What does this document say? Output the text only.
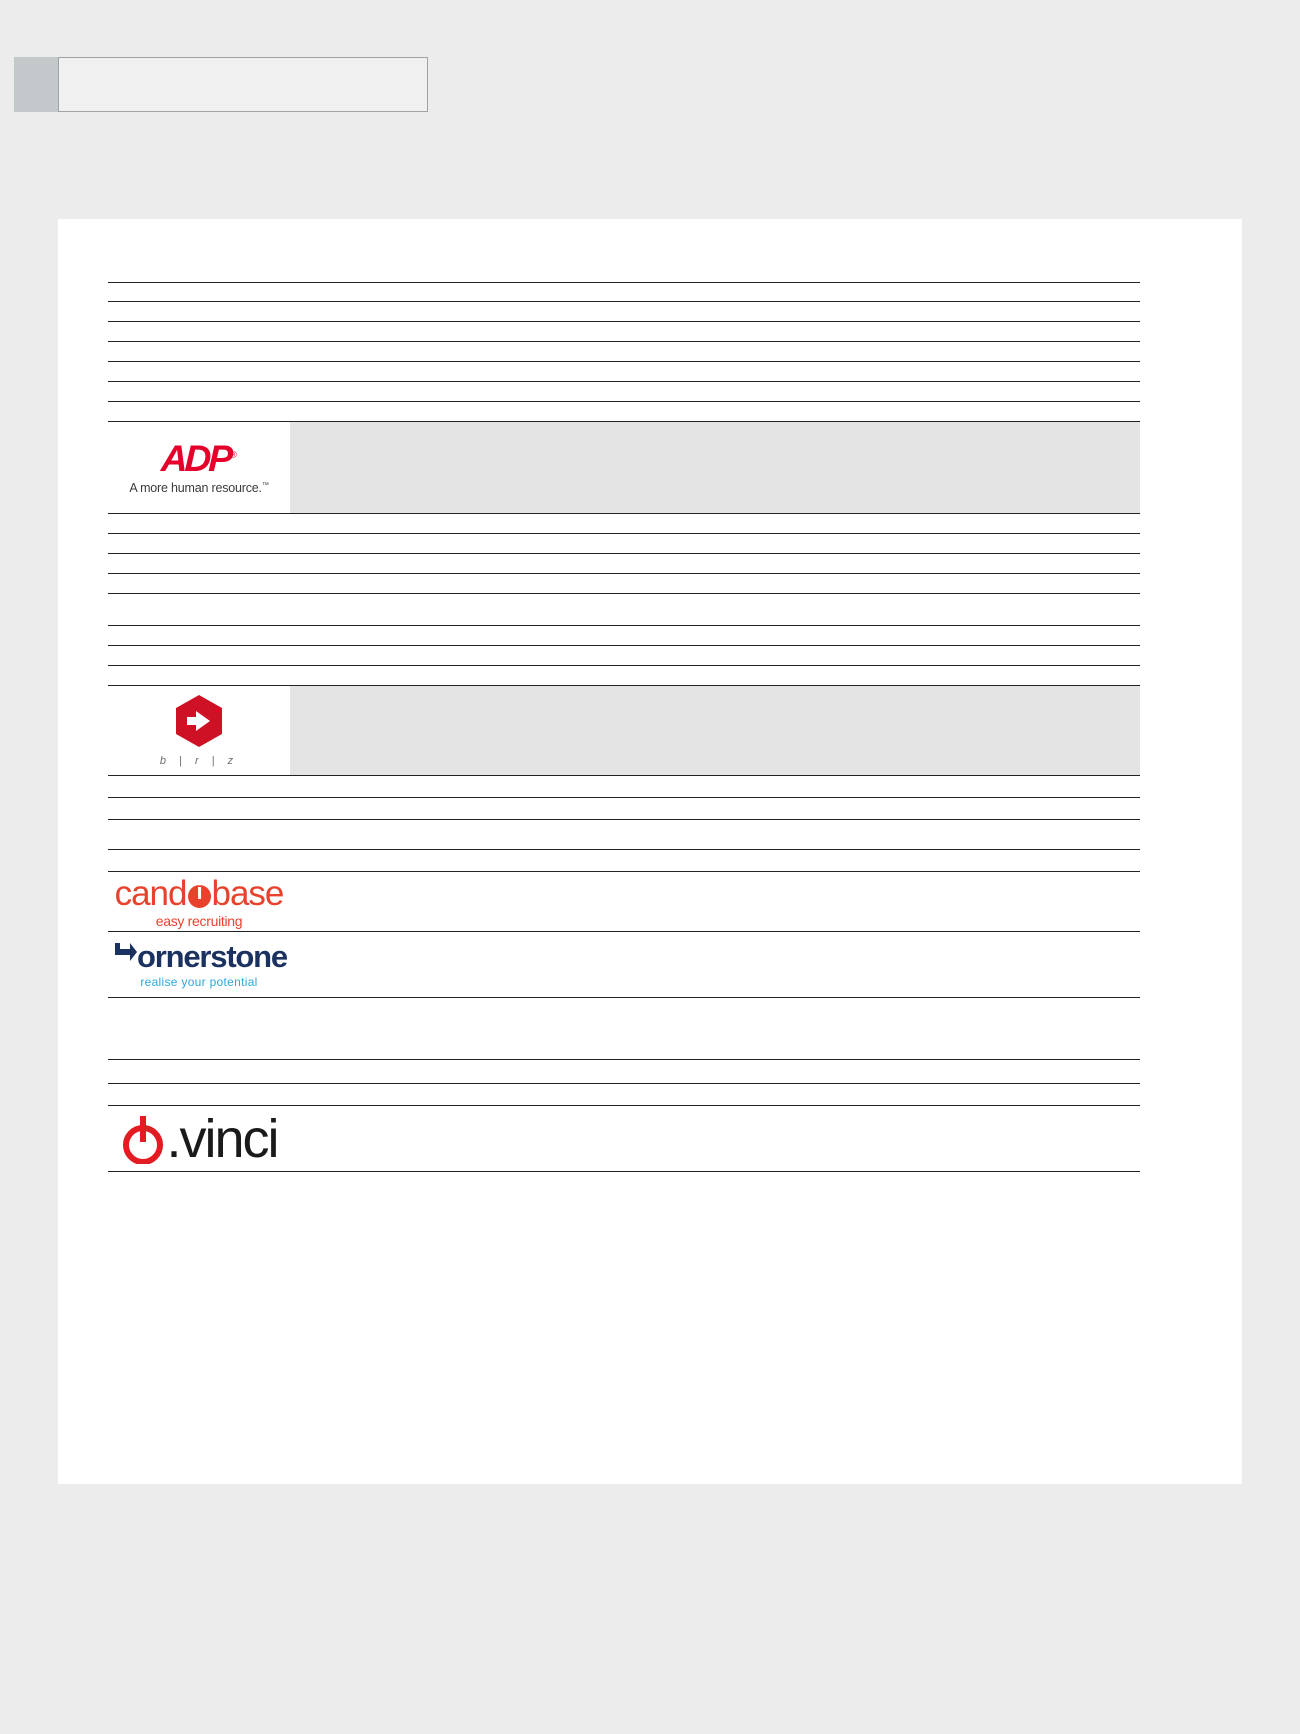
ADP®
A more human resource.™
b | r | z
cand i base
easy recruiting
ornerstone
realise your potential
.vinci
